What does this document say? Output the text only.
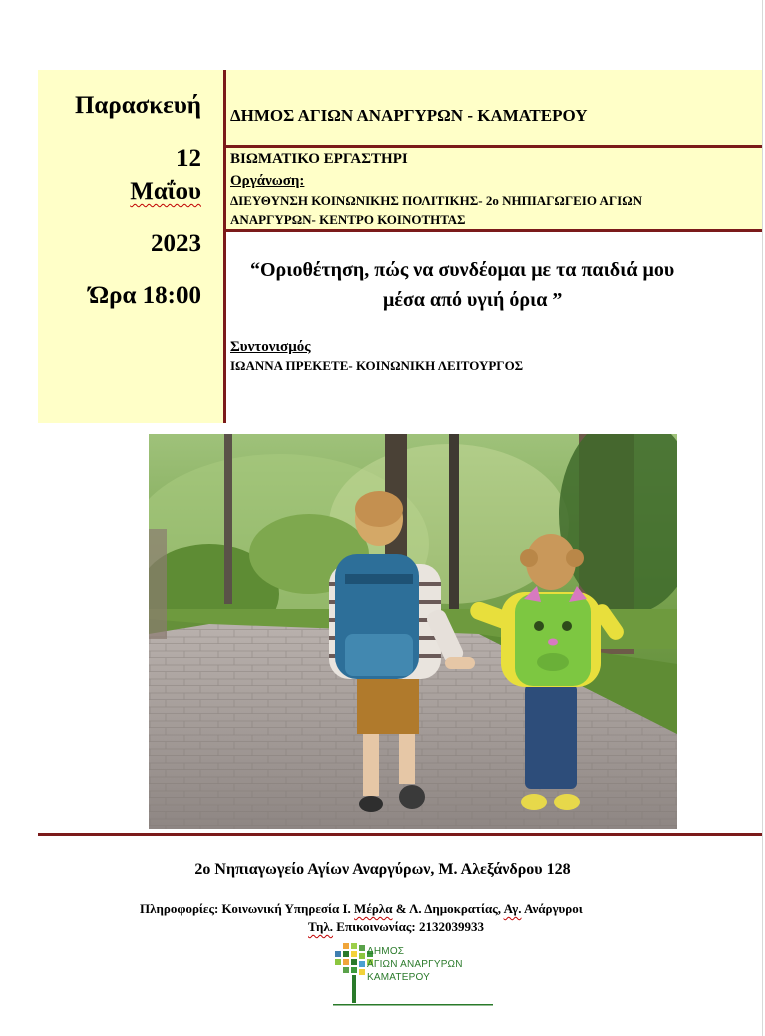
Παρασκευή
12
Μαΐου
2023
Ώρα 18:00
ΔΗΜΟΣ ΑΓΙΩΝ ΑΝΑΡΓΥΡΩΝ - ΚΑΜΑΤΕΡΟΥ
ΒΙΩΜΑΤΙΚΟ ΕΡΓΑΣΤΗΡΙ
Οργάνωση:
ΔΙΕΥΘΥΝΣΗ ΚΟΙΝΩΝΙΚΗΣ ΠΟΛΙΤΙΚΗΣ- 2ο ΝΗΠΙΑΓΩΓΕΙΟ ΑΓΙΩΝ
ΑΝΑΡΓΥΡΩΝ- ΚΕΝΤΡΟ ΚΟΙΝΟΤΗΤΑΣ
“Οριοθέτηση, πώς να συνδέομαι με τα παιδιά μου
μέσα από υγιή όρια ”
Συντονισμός
ΙΩΑΝΝΑ ΠΡΕΚΕΤΕ- ΚΟΙΝΩΝΙΚΗ ΛΕΙΤΟΥΡΓΟΣ
2ο Νηπιαγωγείο Αγίων Αναργύρων, Μ. Αλεξάνδρου 128
Πληροφορίες: Κοινωνική Υπηρεσία Ι. Μέρλα & Λ. Δημοκρατίας, Αγ. Ανάργυροι
Τηλ. Επικοινωνίας: 2132039933
ΔΗΜΟΣ
ΑΓΙΩΝ ΑΝΑΡΓΥΡΩΝ
ΚΑΜΑΤΕΡΟΥ
